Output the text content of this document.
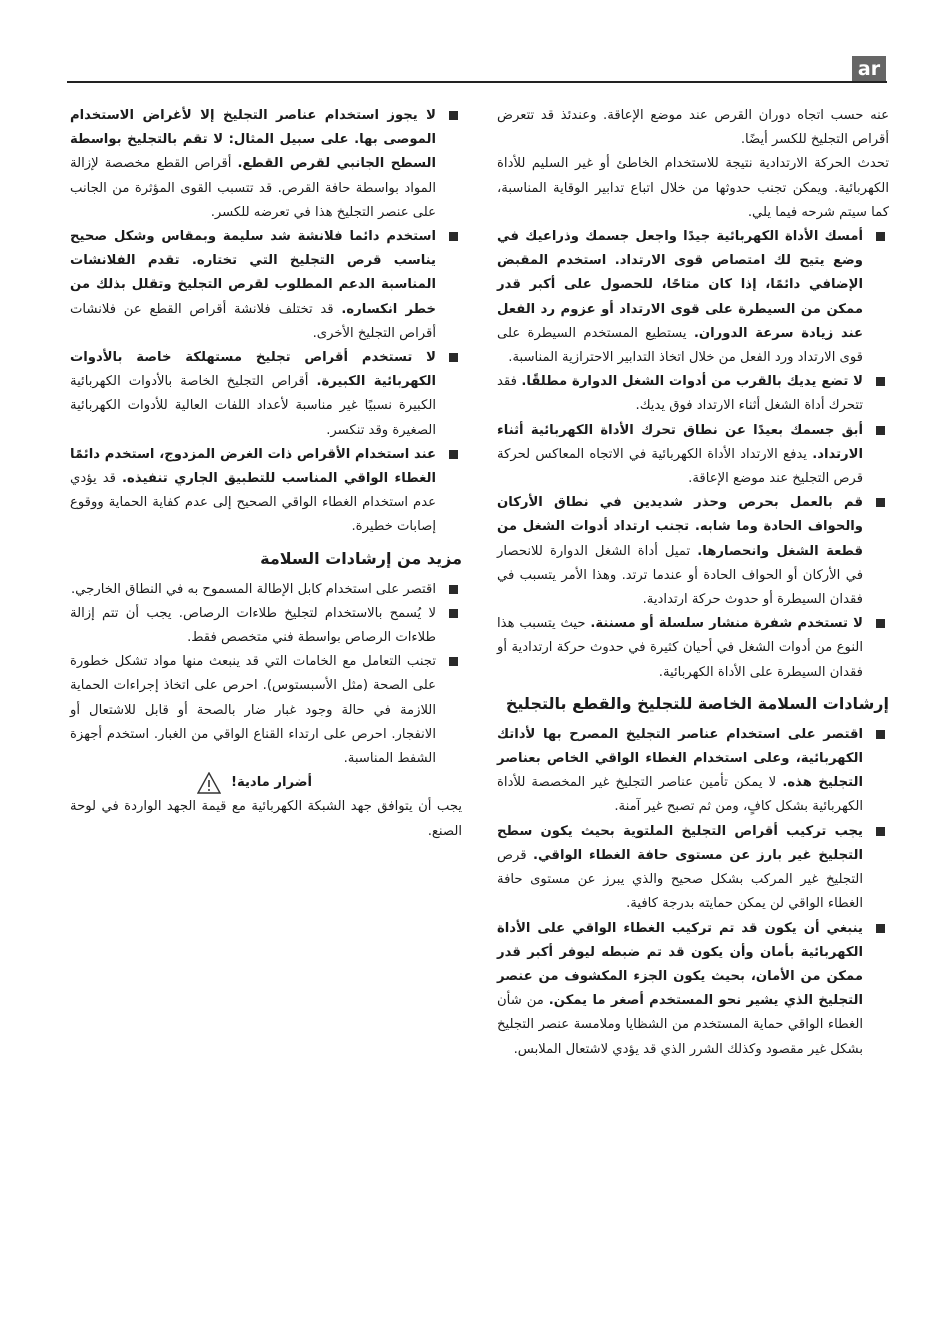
ar

عنه حسب اتجاه دوران القرص عند موضع الإعاقة. وعندئذ قد تتعرض أقراص التجليخ للكسر أيضًا.

تحدث الحركة الارتدادية نتيجة للاستخدام الخاطئ أو غير السليم للأداة الكهربائية. ويمكن تجنب حدوثها من خلال اتباع تدابير الوقاية المناسبة، كما سيتم شرحه فيما يلي.

أمسك الأداة الكهربائية جيدًا واجعل جسمك وذراعيك في وضع يتيح لك امتصاص قوى الارتداد. استخدم المقبض الإضافي دائمًا، إذا كان متاحًا، للحصول على أكبر قدر ممكن من السيطرة على قوى الارتداد أو عزوم رد الفعل عند زيادة سرعة الدوران. يستطيع المستخدم السيطرة على قوى الارتداد ورد الفعل من خلال اتخاذ التدابير الاحترازية المناسبة.
لا تضع يديك بالقرب من أدوات الشغل الدوارة مطلقًا. فقد تتحرك أداة الشغل أثناء الارتداد فوق يديك.
أبق جسمك بعيدًا عن نطاق تحرك الأداة الكهربائية أثناء الارتداد. يدفع الارتداد الأداة الكهربائية في الاتجاه المعاكس لحركة قرص التجليخ عند موضع الإعاقة.
قم بالعمل بحرص وحذر شديدين في نطاق الأركان والحواف الحادة وما شابه. تجنب ارتداد أدوات الشغل من قطعة الشغل وانحصارها. تميل أداة الشغل الدوارة للانحصار في الأركان أو الحواف الحادة أو عندما ترتد. وهذا الأمر يتسبب في فقدان السيطرة أو حدوث حركة ارتدادية.
لا تستخدم شفرة منشار سلسلة أو مسننة. حيث يتسبب هذا النوع من أدوات الشغل في أحيان كثيرة في حدوث حركة ارتدادية أو فقدان السيطرة على الأداة الكهربائية.
إرشادات السلامة الخاصة للتجليخ والقطع بالتجليخ
اقتصر على استخدام عناصر التجليخ المصرح بها لأداتك الكهربائية، وعلى استخدام الغطاء الواقي الخاص بعناصر التجليخ هذه. لا يمكن تأمين عناصر التجليخ غير المخصصة للأداة الكهربائية بشكل كافٍ، ومن ثم تصبح غير آمنة.
يجب تركيب أقراص التجليخ الملتوية بحيث يكون سطح التجليخ غير بارز عن مستوى حافة الغطاء الواقي. قرص التجليخ غير المركب بشكل صحيح والذي يبرز عن مستوى حافة الغطاء الواقي لن يمكن حمايته بدرجة كافية.
ينبغي أن يكون قد تم تركيب الغطاء الواقي على الأداة الكهربائية بأمان وأن يكون قد تم ضبطه ليوفر أكبر قدر ممكن من الأمان، بحيث يكون الجزء المكشوف من عنصر التجليخ الذي يشير نحو المستخدم أصغر ما يمكن. من شأن الغطاء الواقي حماية المستخدم من الشظايا وملامسة عنصر التجليخ بشكل غير مقصود وكذلك الشرر الذي قد يؤدي لاشتعال الملابس.
لا يجوز استخدام عناصر التجليخ إلا لأغراض الاستخدام الموصى بها. على سبيل المثال: لا تقم بالتجليخ بواسطة السطح الجانبي لقرص القطع. أقراص القطع مخصصة لإزالة المواد بواسطة حافة القرص. قد تتسبب القوى المؤثرة من الجانب على عنصر التجليخ هذا في تعرضه للكسر.
استخدم دائما فلانشة شد سليمة وبمقاس وشكل صحيح يناسب قرص التجليخ التي تختاره. تقدم الفلانشات المناسبة الدعم المطلوب لقرص التجليخ وتقلل بذلك من خطر انكساره. قد تختلف فلانشة أقراص القطع عن فلانشات أقراص التجليخ الأخرى.
لا تستخدم أقراص تجليخ مستهلكة خاصة بالأدوات الكهربائية الكبيرة. أقراص التجليخ الخاصة بالأدوات الكهربائية الكبيرة نسبيًا غير مناسبة لأعداد اللفات العالية للأدوات الكهربائية الصغيرة وقد تنكسر.
عند استخدام الأقراص ذات الغرض المزدوج، استخدم دائمًا الغطاء الواقي المناسب للتطبيق الجاري تنفيذه. قد يؤدي عدم استخدام الغطاء الواقي الصحيح إلى عدم كفاية الحماية ووقوع إصابات خطيرة.
مزيد من إرشادات السلامة
اقتصر على استخدام كابل الإطالة المسموح به في النطاق الخارجي.
لا يُسمح بالاستخدام لتجليخ طلاءات الرصاص. يجب أن تتم إزالة طلاءات الرصاص بواسطة فني متخصص فقط.
تجنب التعامل مع الخامات التي قد ينبعث منها مواد تشكل خطورة على الصحة (مثل الأسبستوس). احرص على اتخاذ إجراءات الحماية اللازمة في حالة وجود غبار ضار بالصحة أو قابل للاشتعال أو الانفجار. احرص على ارتداء القناع الواقي من الغبار. استخدم أجهزة الشفط المناسبة.
أضرار مادية!

يجب أن يتوافق جهد الشبكة الكهربائية مع قيمة الجهد الواردة في لوحة الصنع.
